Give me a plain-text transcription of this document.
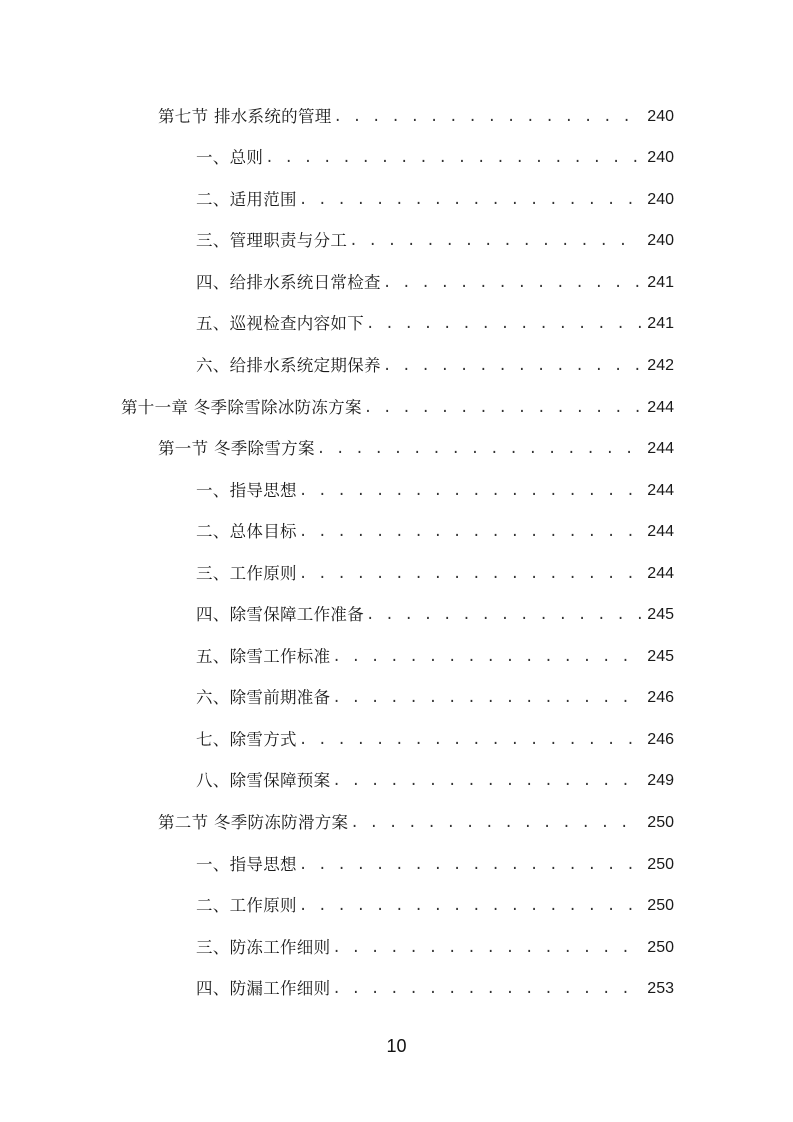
第七节 排水系统的管理 . . .	240
一、总则 . . .	240
二、适用范围 . . .	240
三、管理职责与分工 . . .	240
四、给排水系统日常检查 . . .	241
五、巡视检查内容如下 . . .	241
六、给排水系统定期保养 . . .	242
第十一章 冬季除雪除冰防冻方案 . . .	244
第一节 冬季除雪方案 . . .	244
一、指导思想 . . .	244
二、总体目标 . . .	244
三、工作原则 . . .	244
四、除雪保障工作准备 . . .	245
五、除雪工作标准 . . .	245
六、除雪前期准备 . . .	246
七、除雪方式 . . .	246
八、除雪保障预案 . . .	249
第二节 冬季防冻防滑方案 . . .	250
一、指导思想 . . .	250
二、工作原则 . . .	250
三、防冻工作细则 . . .	250
四、防漏工作细则 . . .	253
10
